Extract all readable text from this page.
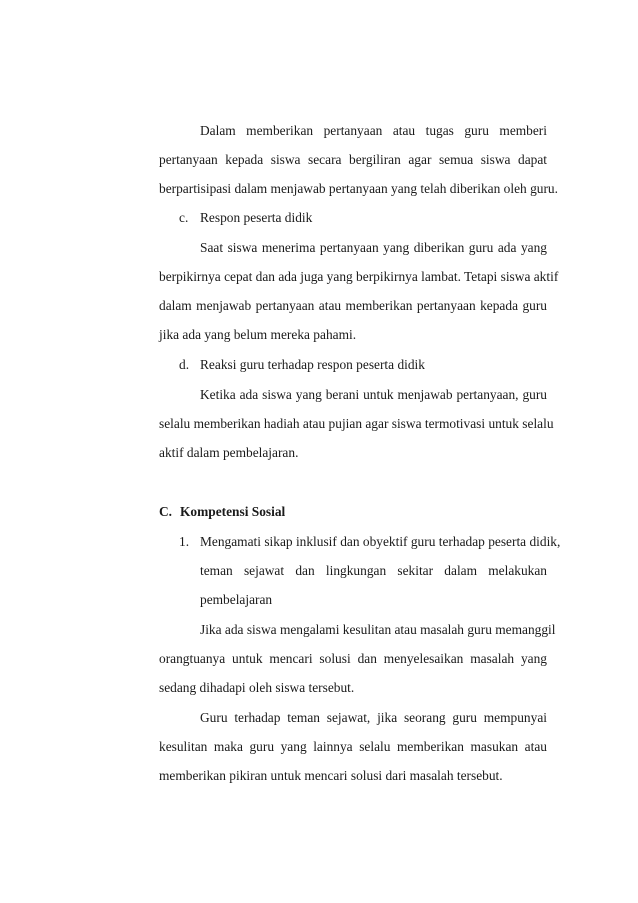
Dalam memberikan pertanyaan atau tugas guru memberi
pertanyaan kepada siswa secara bergiliran agar semua siswa dapat
berpartisipasi dalam menjawab pertanyaan yang telah diberikan oleh guru.
c. Respon peserta didik
Saat siswa menerima pertanyaan yang diberikan guru ada yang
berpikirnya cepat dan ada juga yang berpikirnya lambat. Tetapi siswa aktif
dalam menjawab pertanyaan atau memberikan pertanyaan kepada guru
jika ada yang belum mereka pahami.
d. Reaksi guru terhadap respon peserta didik
Ketika ada siswa yang berani untuk menjawab pertanyaan, guru
selalu memberikan hadiah atau pujian agar siswa termotivasi untuk selalu
aktif dalam pembelajaran.
C. Kompetensi Sosial
1. Mengamati sikap inklusif dan obyektif guru terhadap peserta didik,
teman sejawat dan lingkungan sekitar dalam melakukan
pembelajaran
Jika ada siswa mengalami kesulitan atau masalah guru memanggil
orangtuanya untuk mencari solusi dan menyelesaikan masalah yang
sedang dihadapi oleh siswa tersebut.
Guru terhadap teman sejawat, jika seorang guru mempunyai
kesulitan maka guru yang lainnya selalu memberikan masukan atau
memberikan pikiran untuk mencari solusi dari masalah tersebut.
